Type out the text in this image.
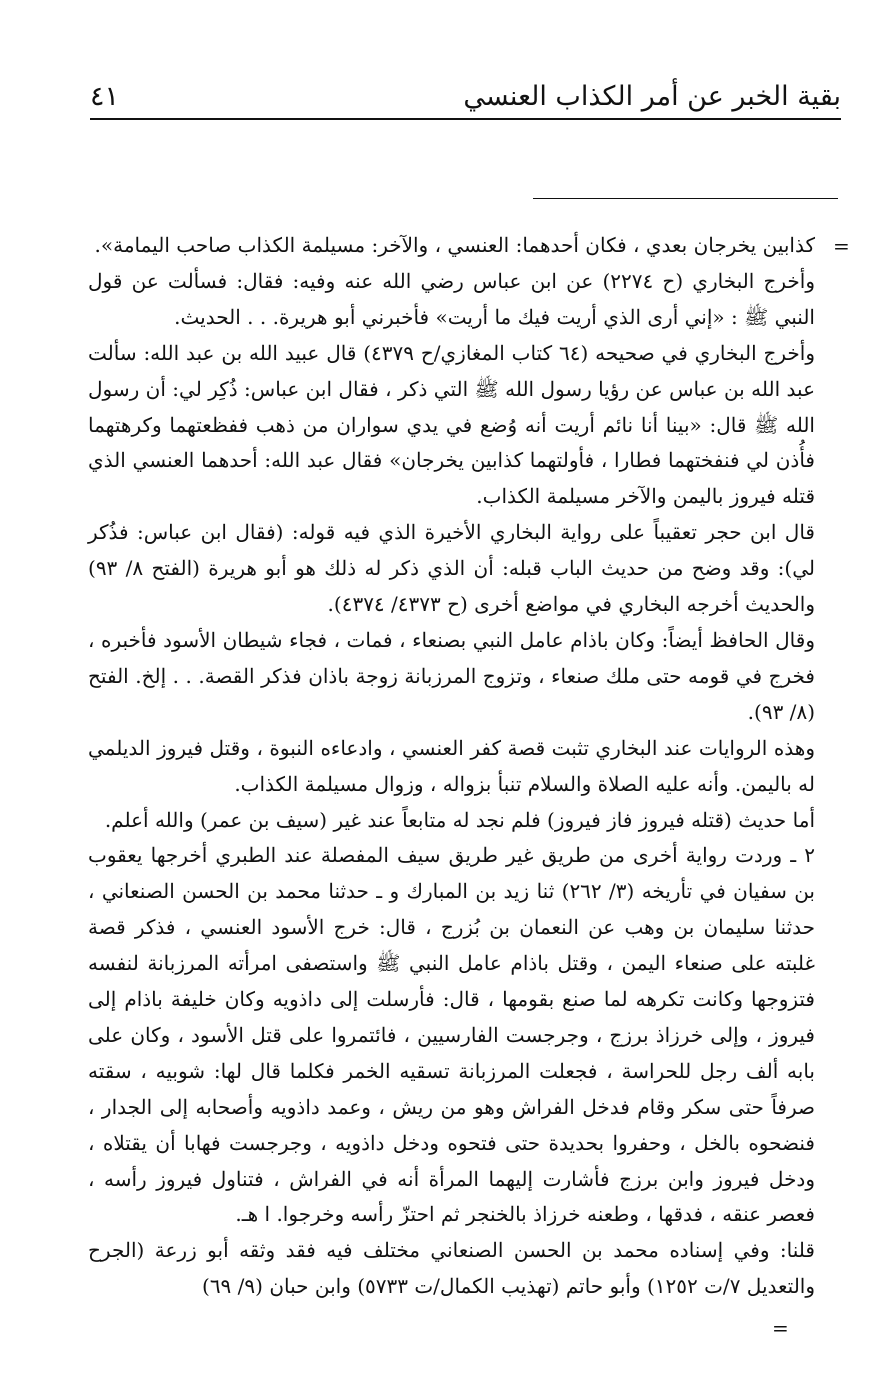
بقية الخبر عن أمر الكذاب العنسي
٤١
=

كذابين يخرجان بعدي ، فكان أحدهما: العنسي ، والآخر: مسيلمة الكذاب صاحب اليمامة».

وأخرج البخاري (ح ٢٢٧٤) عن ابن عباس رضي الله عنه وفيه: فقال: فسألت عن قول النبي ﷺ : «إني أرى الذي أريت فيك ما أريت» فأخبرني أبو هريرة. . . الحديث.

وأخرج البخاري في صحيحه (٦٤ كتاب المغازي/ح ٤٣٧٩) قال عبيد الله بن عبد الله: سألت عبد الله بن عباس عن رؤيا رسول الله ﷺ التي ذكر ، فقال ابن عباس: ذُكِر لي: أن رسول الله ﷺ قال: «بينا أنا نائم أريت أنه وُضع في يدي سواران من ذهب ففظعتهما وكرهتهما فأُذن لي فنفختهما فطارا ، فأولتهما كذابين يخرجان» فقال عبد الله: أحدهما العنسي الذي قتله فيروز باليمن والآخر مسيلمة الكذاب.

قال ابن حجر تعقيباً على رواية البخاري الأخيرة الذي فيه قوله: (فقال ابن عباس: فذُكر لي): وقد وضح من حديث الباب قبله: أن الذي ذكر له ذلك هو أبو هريرة (الفتح ٨/ ٩٣) والحديث أخرجه البخاري في مواضع أخرى (ح ٤٣٧٣/ ٤٣٧٤).

وقال الحافظ أيضاً: وكان باذام عامل النبي بصنعاء ، فمات ، فجاء شيطان الأسود فأخبره ، فخرج في قومه حتى ملك صنعاء ، وتزوج المرزبانة زوجة باذان فذكر القصة. . . إلخ. الفتح (٨/ ٩٣).

وهذه الروايات عند البخاري تثبت قصة كفر العنسي ، وادعاءه النبوة ، وقتل فيروز الديلمي له باليمن. وأنه عليه الصلاة والسلام تنبأ بزواله ، وزوال مسيلمة الكذاب.

أما حديث (قتله فيروز فاز فيروز) فلم نجد له متابعاً عند غير (سيف بن عمر) والله أعلم.

٢ ـ وردت رواية أخرى من طريق غير طريق سيف المفصلة عند الطبري أخرجها يعقوب بن سفيان في تأريخه (٣/ ٢٦٢) ثنا زيد بن المبارك و ـ حدثنا محمد بن الحسن الصنعاني ، حدثنا سليمان بن وهب عن النعمان بن بُزرج ، قال: خرج الأسود العنسي ، فذكر قصة غلبته على صنعاء اليمن ، وقتل باذام عامل النبي ﷺ واستصفى امرأته المرزبانة لنفسه فتزوجها وكانت تكرهه لما صنع بقومها ، قال: فأرسلت إلى داذويه وكان خليفة باذام إلى فيروز ، وإلى خرزاذ برزج ، وجرجست الفارسيين ، فائتمروا على قتل الأسود ، وكان على بابه ألف رجل للحراسة ، فجعلت المرزبانة تسقيه الخمر فكلما قال لها: شوبيه ، سقته صرفاً حتى سكر وقام فدخل الفراش وهو من ريش ، وعمد داذويه وأصحابه إلى الجدار ، فنضحوه بالخل ، وحفروا بحديدة حتى فتحوه ودخل داذويه ، وجرجست فهابا أن يقتلاه ، ودخل فيروز وابن برزج فأشارت إليهما المرأة أنه في الفراش ، فتناول فيروز رأسه ، فعصر عنقه ، فدقها ، وطعنه خرزاذ بالخنجر ثم احتزّ رأسه وخرجوا. ا هـ.

قلنا: وفي إسناده محمد بن الحسن الصنعاني مختلف فيه فقد وثقه أبو زرعة (الجرح والتعديل ٧/ت ١٢٥٢) وأبو حاتم (تهذيب الكمال/ت ٥٧٣٣) وابن حبان (٩/ ٦٩)

=
